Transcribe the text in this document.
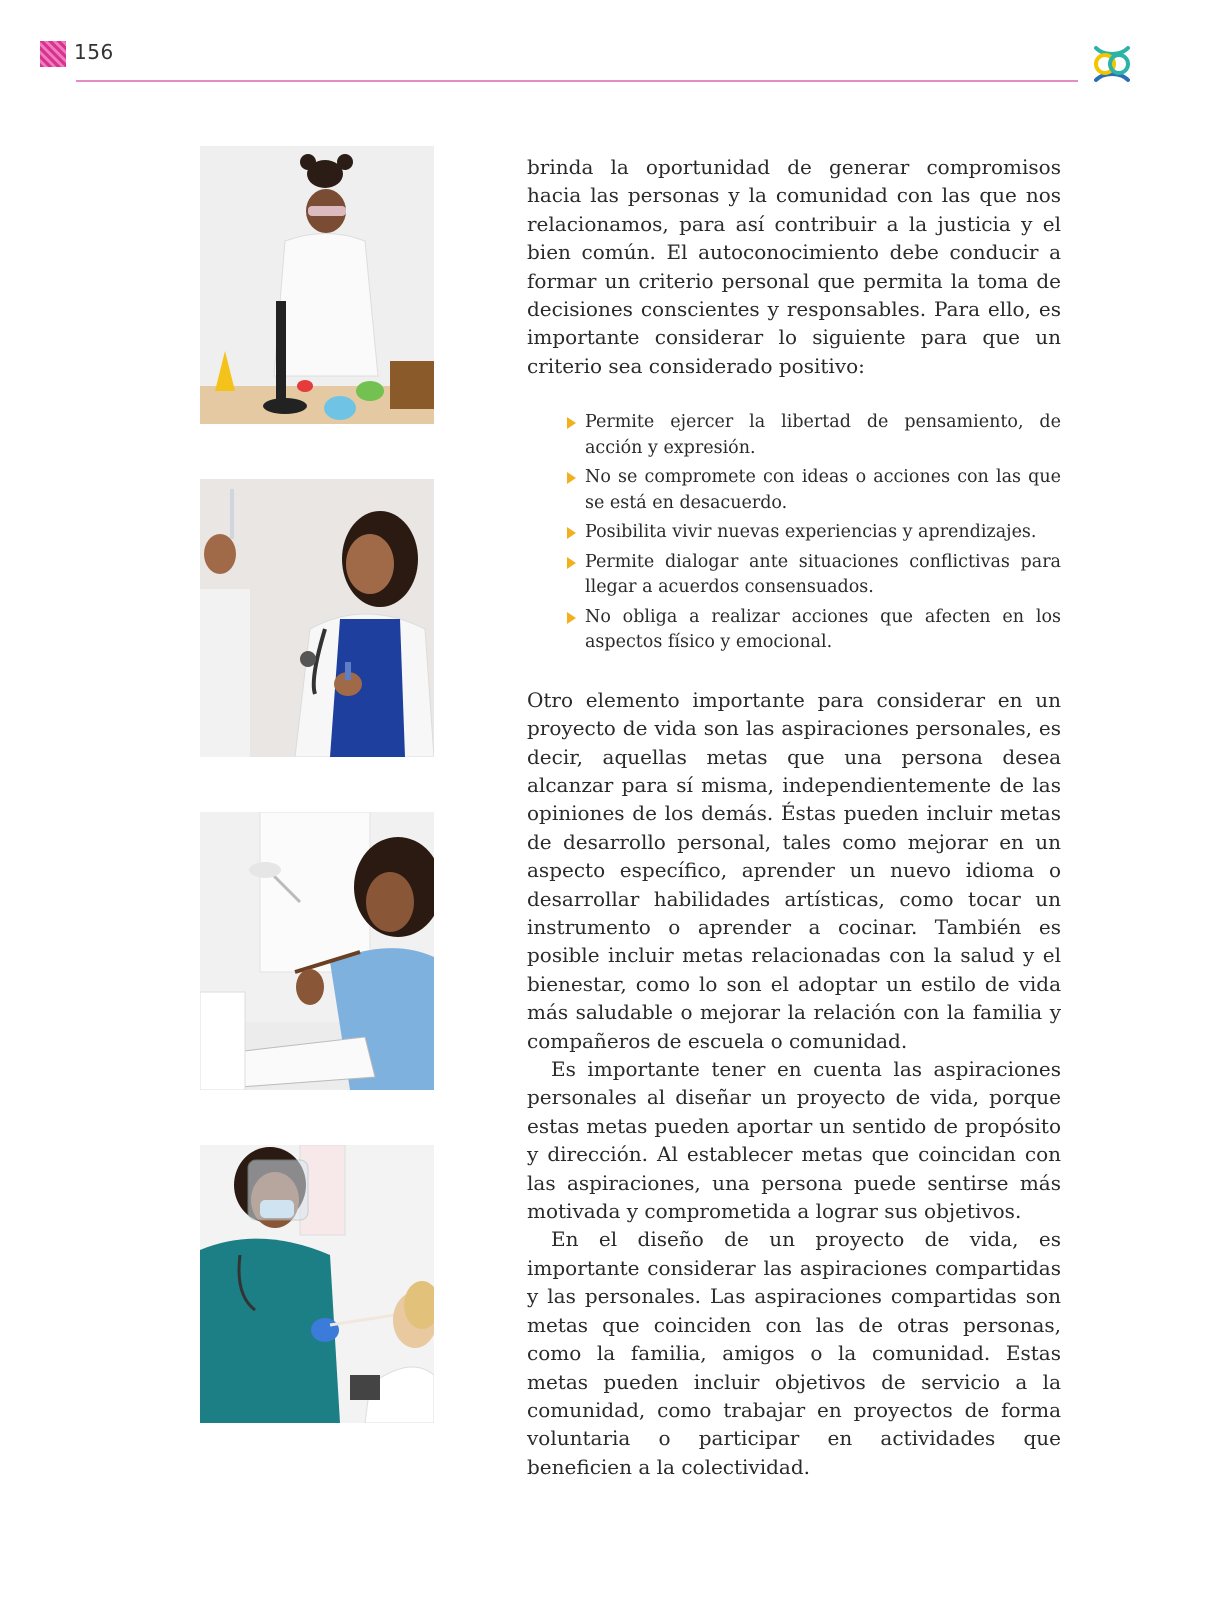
156

brinda la oportunidad de generar compromisos hacia las personas y la comunidad con las que nos relacionamos, para así contribuir a la justicia y el bien común. El autoconocimiento debe conducir a formar un criterio personal que permita la toma de decisiones conscientes y responsables. Para ello, es importante considerar lo siguiente para que un criterio sea considerado positivo:

Permite ejercer la libertad de pensamiento, de acción y expresión.
No se compromete con ideas o acciones con las que se está en desacuerdo.
Posibilita vivir nuevas experiencias y aprendizajes.
Permite dialogar ante situaciones conflictivas para llegar a acuerdos consensuados.
No obliga a realizar acciones que afecten en los aspectos físico y emocional.

Otro elemento importante para considerar en un proyecto de vida son las aspiraciones personales, es decir, aquellas metas que una persona desea alcanzar para sí misma, independientemente de las opiniones de los demás. Éstas pueden incluir metas de desarrollo personal, tales como mejorar en un aspecto específico, aprender un nuevo idioma o desarrollar habilidades artísticas, como tocar un instrumento o aprender a cocinar. También es posible incluir metas relacionadas con la salud y el bienestar, como lo son el adoptar un estilo de vida más saludable o mejorar la relación con la familia y compañeros de escuela o comunidad.

Es importante tener en cuenta las aspiraciones personales al diseñar un proyecto de vida, porque estas metas pueden aportar un sentido de propósito y dirección. Al establecer metas que coincidan con las aspiraciones, una persona puede sentirse más motivada y comprometida a lograr sus objetivos.

En el diseño de un proyecto de vida, es importante considerar las aspiraciones compartidas y las personales. Las aspiraciones compartidas son metas que coinciden con las de otras personas, como la familia, amigos o la comunidad. Estas metas pueden incluir objetivos de servicio a la comunidad, como trabajar en proyectos de forma voluntaria o participar en actividades que beneficien a la colectividad.
